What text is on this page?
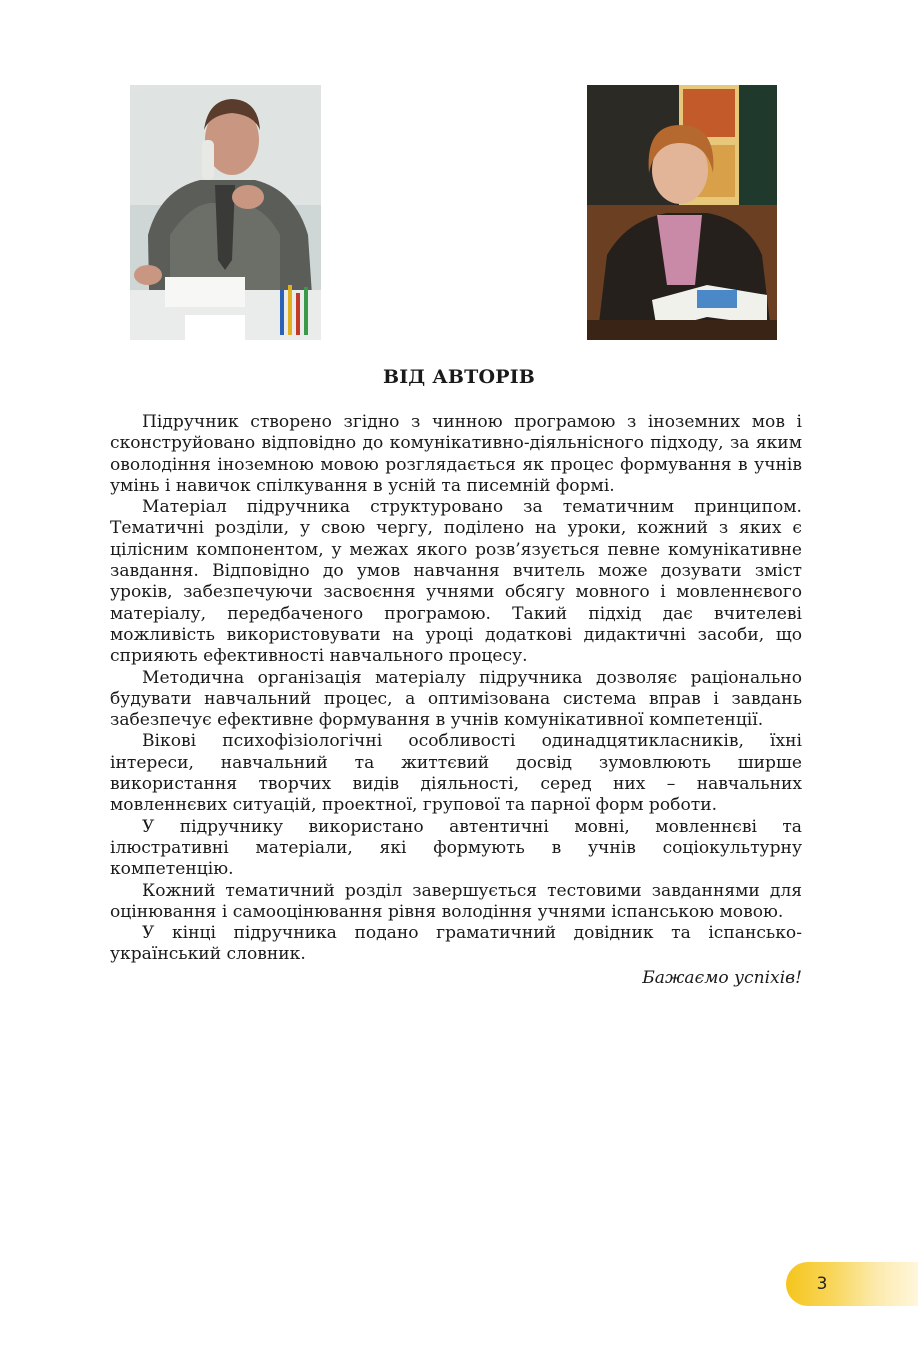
ВІД АВТОРІВ

Підручник створено згідно з чинною програмою з іноземних мов і сконструйовано відповідно до комунікативно-діяльнісного підходу, за яким оволодіння іноземною мовою розглядається як процес формування в учнів умінь і навичок спілкування в усній та писемній формі.

Матеріал підручника структуровано за тематичним принципом. Тематичні розділи, у свою чергу, поділено на уроки, кожний з яких є цілісним компонентом, у межах якого розв’язується певне комунікативне завдання. Відповідно до умов навчання вчитель може дозувати зміст уроків, забезпечуючи засвоєння учнями обсягу мовного і мовленнєвого матеріалу, передбаченого програмою. Такий підхід дає вчителеві можливість використовувати на уроці додаткові дидактичні засоби, що сприяють ефективності навчального процесу.

Методична організація матеріалу підручника дозволяє раціонально будувати навчальний процес, а оптимізована система вправ і завдань забезпечує ефективне формування в учнів комунікативної компетенції.

Вікові психофізіологічні особливості одинадцятикласників, їхні інтереси, навчальний та життєвий досвід зумовлюють ширше використання творчих видів діяльності, серед них – навчальних мовленнєвих ситуацій, проектної, групової та парної форм роботи.

У підручнику використано автентичні мовні, мовленнєві та ілюстративні матеріали, які формують в учнів соціокультурну компетенцію.

Кожний тематичний розділ завершується тестовими завданнями для оцінювання і самооцінювання рівня володіння учнями іспанською мовою.

У кінці підручника подано граматичний довідник та іспансько-український словник.

Бажаємо успіхів!
3
